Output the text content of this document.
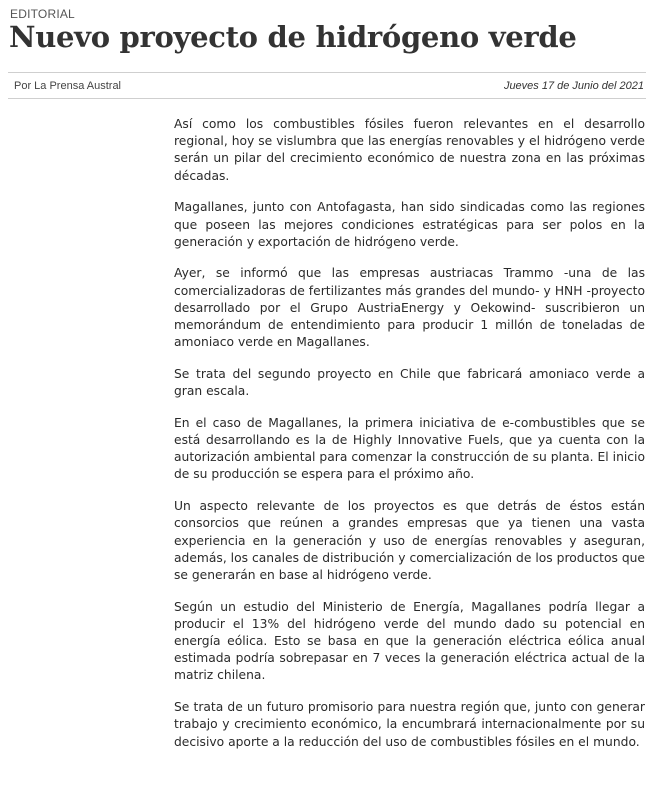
EDITORIAL
Nuevo proyecto de hidrógeno verde
Por La Prensa Austral	Jueves 17 de Junio del 2021

Así como los combustibles fósiles fueron relevantes en el desarrollo regional, hoy se vislumbra que las energías renovables y el hidrógeno verde serán un pilar del crecimiento económico de nuestra zona en las próximas décadas.

Magallanes, junto con Antofagasta, han sido sindicadas como las regiones que poseen las mejores condiciones estratégicas para ser polos en la generación y exportación de hidrógeno verde.

Ayer, se informó que las empresas austriacas Trammo -una de las comercializadoras de fertilizantes más grandes del mundo- y HNH -proyecto desarrollado por el Grupo AustriaEnergy y Oekowind- suscribieron un memorándum de entendimiento para producir 1 millón de toneladas de amoniaco verde en Magallanes.

Se trata del segundo proyecto en Chile que fabricará amoniaco verde a gran escala.

En el caso de Magallanes, la primera iniciativa de e-combustibles que se está desarrollando es la de Highly Innovative Fuels, que ya cuenta con la autorización ambiental para comenzar la construcción de su planta. El inicio de su producción se espera para el próximo año.

Un aspecto relevante de los proyectos es que detrás de éstos están consorcios que reúnen a grandes empresas que ya tienen una vasta experiencia en la generación y uso de energías renovables y aseguran, además, los canales de distribución y comercialización de los productos que se generarán en base al hidrógeno verde.

Según un estudio del Ministerio de Energía, Magallanes podría llegar a producir el 13% del hidrógeno verde del mundo dado su potencial en energía eólica. Esto se basa en que la generación eléctrica eólica anual estimada podría sobrepasar en 7 veces la generación eléctrica actual de la matriz chilena.

Se trata de un futuro promisorio para nuestra región que, junto con generar trabajo y crecimiento económico, la encumbrará internacionalmente por su decisivo aporte a la reducción del uso de combustibles fósiles en el mundo.
